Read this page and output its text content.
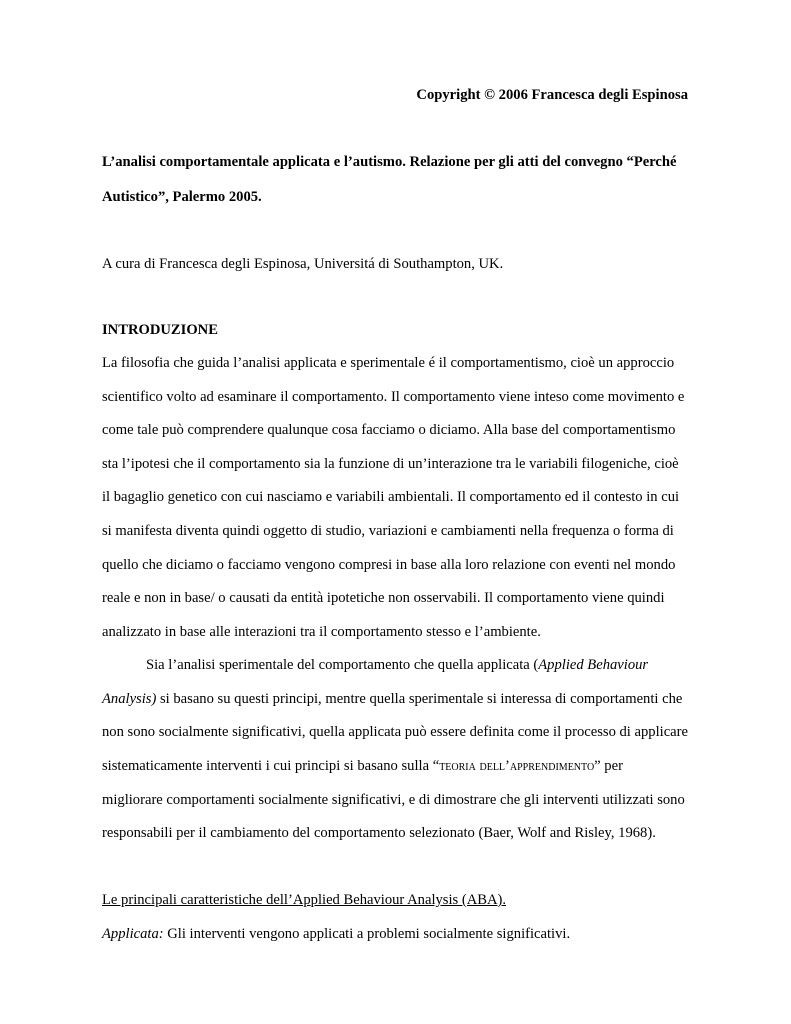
Copyright © 2006 Francesca degli Espinosa
L’analisi comportamentale applicata e l’autismo. Relazione per gli atti del convegno “Perché
Autistico”, Palermo 2005.
A cura di Francesca degli Espinosa, Universitá di Southampton, UK.
INTRODUZIONE
La filosofia che guida l’analisi applicata e sperimentale é il comportamentismo, cioè un approccio
scientifico volto ad esaminare il comportamento. Il comportamento viene inteso come movimento e
come tale può comprendere qualunque cosa facciamo o diciamo. Alla base del comportamentismo
sta l’ipotesi che il comportamento sia la funzione di un’interazione tra le variabili filogeniche, cioè
il bagaglio genetico con cui nasciamo e variabili ambientali. Il comportamento ed il contesto in cui
si manifesta diventa quindi oggetto di studio, variazioni e cambiamenti nella frequenza o forma di
quello che diciamo o facciamo vengono compresi in base alla loro relazione con eventi nel mondo
reale e non in base/ o causati da entità ipotetiche non osservabili. Il comportamento viene quindi
analizzato in base alle interazioni tra il comportamento stesso e l’ambiente.
Sia l’analisi sperimentale del comportamento che quella applicata (Applied Behaviour
Analysis) si basano su questi principi, mentre quella sperimentale si interessa di comportamenti che
non sono socialmente significativi, quella applicata può essere definita come il processo di applicare
sistematicamente interventi i cui principi si basano sulla “teoria dell’apprendimento” per
migliorare comportamenti socialmente significativi, e di dimostrare che gli interventi utilizzati sono
responsabili per il cambiamento del comportamento selezionato (Baer, Wolf and Risley, 1968).
Le principali caratteristiche dell’Applied Behaviour Analysis (ABA).
Applicata: Gli interventi vengono applicati a problemi socialmente significativi.
